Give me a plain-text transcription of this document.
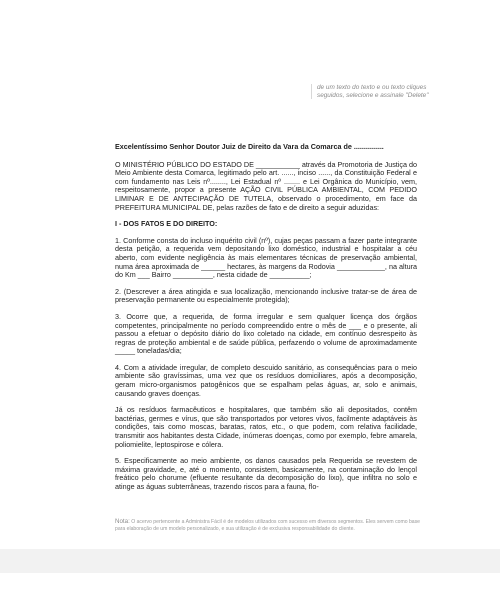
de um texto do texto e ou texto cliques seguidos, selecione e assinale "Delete"
Excelentíssimo Senhor Doutor Juiz de Direito da Vara da Comarca de ...............

O MINISTÉRIO PÚBLICO DO ESTADO DE ___________ através da Promotoria de Justiça do Meio Ambiente desta Comarca, legitimado pelo art. ......, inciso ......, da Constituição Federal e com fundamento nas Leis nº........, Lei Estadual nº ........ e Lei Orgânica do Município, vem, respeitosamente, propor a presente AÇÃO CIVIL PÚBLICA AMBIENTAL, COM PEDIDO LIMINAR E DE ANTECIPAÇÃO DE TUTELA, observado o procedimento, em face da PREFEITURA MUNICIPAL DE, pelas razões de fato e de direito a seguir aduzidas:

I - DOS FATOS E DO DIREITO:

1. Conforme consta do incluso inquérito civil (nº), cujas peças passam a fazer parte integrante desta petição, a requerida vem depositando lixo doméstico, industrial e hospitalar a céu aberto, com evidente negligência às mais elementares técnicas de preservação ambiental, numa área aproximada de ______ hectares, às margens da Rodovia ____________, na altura do Km ___ Bairro __________, nesta cidade de __________;

2. (Descrever a área atingida e sua localização, mencionando inclusive tratar-se de área de preservação permanente ou especialmente protegida);

3. Ocorre que, a requerida, de forma irregular e sem qualquer licença dos órgãos competentes, principalmente no período compreendido entre o mês de ___ e o presente, ali passou a efetuar o depósito diário do lixo coletado na cidade, em contínuo desrespeito às regras de proteção ambiental e de saúde pública, perfazendo o volume de aproximadamente _____ toneladas/dia;

4. Com a atividade irregular, de completo descuido sanitário, as consequências para o meio ambiente são gravíssimas, uma vez que os resíduos domiciliares, após a decomposição, geram micro-organismos patogênicos que se espalham pelas águas, ar, solo e animais, causando graves doenças.

Já os resíduos farmacêuticos e hospitalares, que também são ali depositados, contêm bactérias, germes e vírus, que são transportados por vetores vivos, facilmente adaptáveis às condições, tais como moscas, baratas, ratos, etc., o que podem, com relativa facilidade, transmitir aos habitantes desta Cidade, inúmeras doenças, como por exemplo, febre amarela, poliomielite, leptospirose e cólera.

5. Especificamente ao meio ambiente, os danos causados pela Requerida se revestem de máxima gravidade, e, até o momento, consistem, basicamente, na contaminação do lençol freático pelo chorume (efluente resultante da decomposição do lixo), que infiltra no solo e atinge as águas subterrâneas, trazendo riscos para a fauna, flo-

Nota: O acervo pertencente a Administra Fácil é de modelos utilizados com sucesso em diversos segmentos. Eles servem como base para elaboração de um modelo personalizado, e sua utilização é de exclusiva responsabilidade do cliente.
